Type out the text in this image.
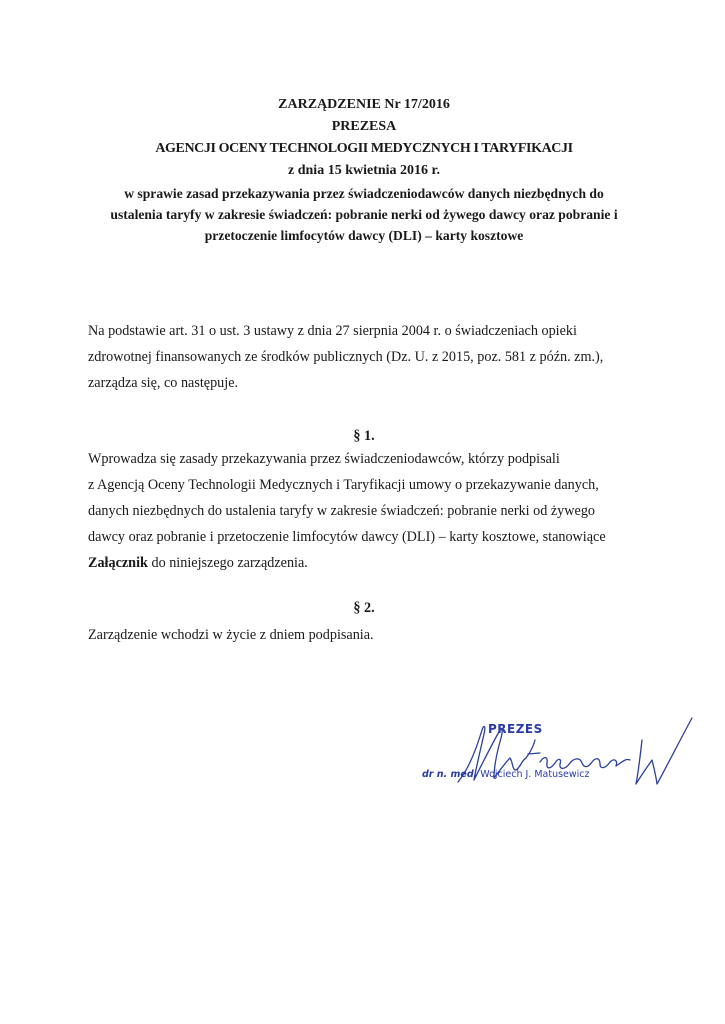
ZARZĄDZENIE Nr 17/2016
PREZESA
AGENCJI OCENY TECHNOLOGII MEDYCZNYCH I TARYFIKACJI
z dnia 15 kwietnia 2016 r.
w sprawie zasad przekazywania przez świadczeniodawców danych niezbędnych do
ustalenia taryfy w zakresie świadczeń: pobranie nerki od żywego dawcy oraz pobranie i
przetoczenie limfocytów dawcy (DLI) – karty kosztowe
Na podstawie art. 31 o ust. 3 ustawy z dnia 27 sierpnia 2004 r. o świadczeniach opieki
zdrowotnej finansowanych ze środków publicznych (Dz. U. z 2015, poz. 581 z późn. zm.),
zarządza się, co następuje.
§ 1.
Wprowadza się zasady przekazywania przez świadczeniodawców, którzy podpisali
z Agencją Oceny Technologii Medycznych i Taryfikacji umowy o przekazywanie danych,
danych niezbędnych do ustalenia taryfy w zakresie świadczeń: pobranie nerki od żywego
dawcy oraz pobranie i przetoczenie limfocytów dawcy (DLI) – karty kosztowe, stanowiące
Załącznik do niniejszego zarządzenia.
§ 2.
Zarządzenie wchodzi w życie z dniem podpisania.
PREZES
dr n. med. Wojciech J. Matusewicz
